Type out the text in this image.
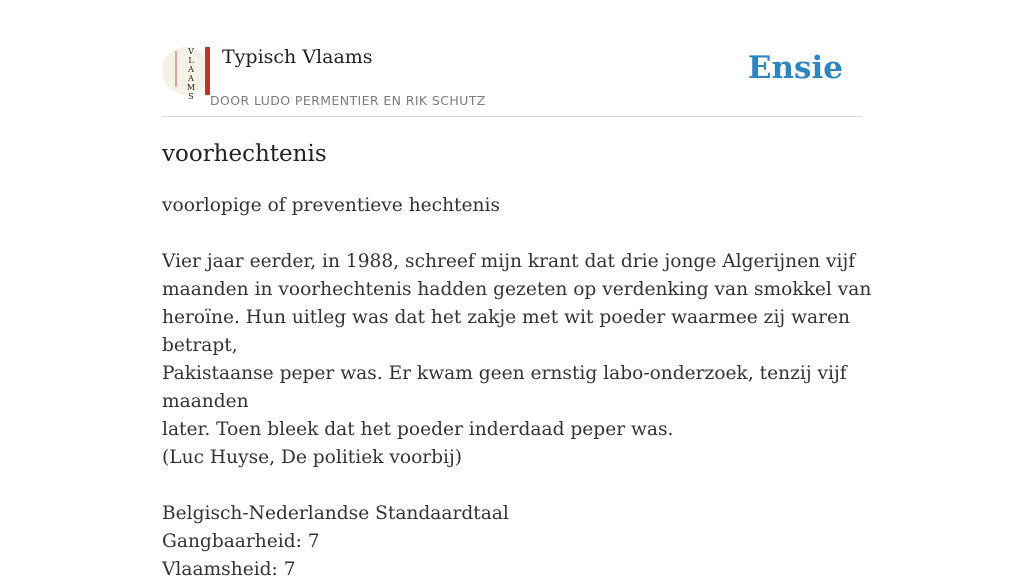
V
L
A
A
M
S
Typisch Vlaams
DOOR LUDO PERMENTIER EN RIK SCHUTZ
Ensie
voorhechtenis

voorlopige of preventieve hechtenis

Vier jaar eerder, in 1988, schreef mijn krant dat drie jonge Algerijnen vijf

maanden in voorhechtenis hadden gezeten op verdenking van smokkel van

heroïne. Hun uitleg was dat het zakje met wit poeder waarmee zij waren betrapt,

Pakistaanse peper was. Er kwam geen ernstig labo-onderzoek, tenzij vijf maanden

later. Toen bleek dat het poeder inderdaad peper was.

(Luc Huyse, De politiek voorbij)

Belgisch-Nederlandse Standaardtaal

Gangbaarheid: 7

Vlaamsheid: 7
